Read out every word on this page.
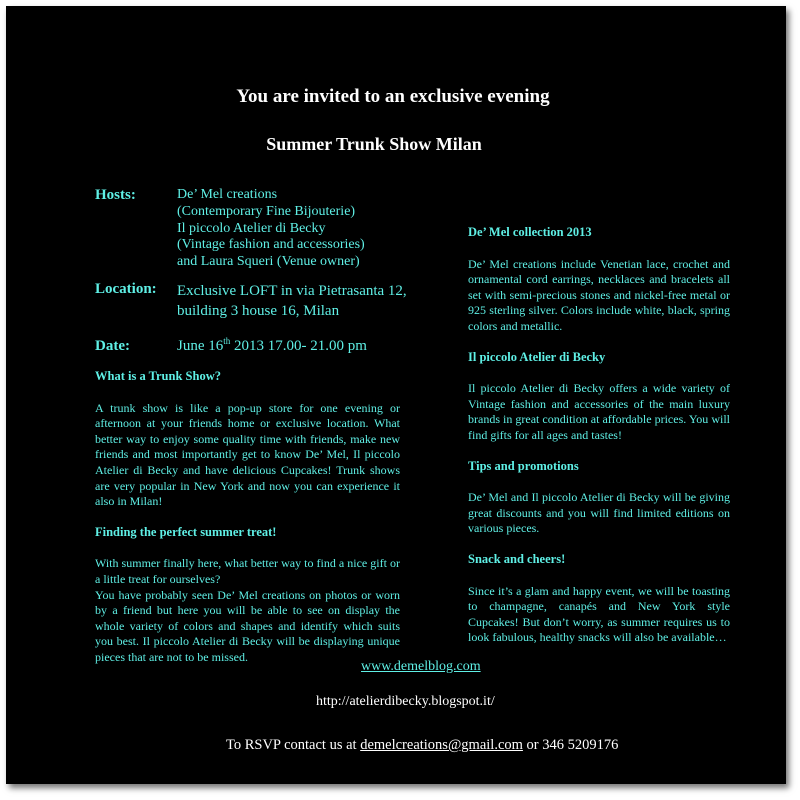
You are invited to an exclusive evening
Summer Trunk Show Milan
Hosts:	De’ Mel creations
(Contemporary Fine Bijouterie)
Il piccolo Atelier di Becky
(Vintage fashion and accessories)
and Laura Squeri (Venue owner)
Location: Exclusive LOFT in via Pietrasanta 12, building 3 house 16, Milan
Date:	June 16th 2013 17.00- 21.00 pm
What is a Trunk Show?

A trunk show is like a pop-up store for one evening or afternoon at your friends home or exclusive location. What better way to enjoy some quality time with friends, make new friends and most importantly get to know De’ Mel, Il piccolo Atelier di Becky and have delicious Cupcakes! Trunk shows are very popular in New York and now you can experience it also in Milan!

Finding the perfect summer treat!

With summer finally here, what better way to find a nice gift or a little treat for ourselves?

You have probably seen De’ Mel creations on photos or worn by a friend but here you will be able to see on display the whole variety of colors and shapes and identify which suits you best. Il piccolo Atelier di Becky will be displaying unique pieces that are not to be missed.

De’ Mel collection 2013

De’ Mel creations include Venetian lace, crochet and ornamental cord earrings, necklaces and bracelets all set with semi-precious stones and nickel-free metal or 925 sterling silver. Colors include white, black, spring colors and metallic.

Il piccolo Atelier di Becky

Il piccolo Atelier di Becky offers a wide variety of Vintage fashion and accessories of the main luxury brands in great condition at affordable prices. You will find gifts for all ages and tastes!

Tips and promotions

De’ Mel and Il piccolo Atelier di Becky will be giving great discounts and you will find limited editions on various pieces.

Snack and cheers!

Since it’s a glam and happy event, we will be toasting to champagne, canapés and New York style Cupcakes! But don’t worry, as summer requires us to look fabulous, healthy snacks will also be available…

www.demelblog.com
http://atelierdibecky.blogspot.it/
To RSVP contact us at demelcreations@gmail.com or 346 5209176
